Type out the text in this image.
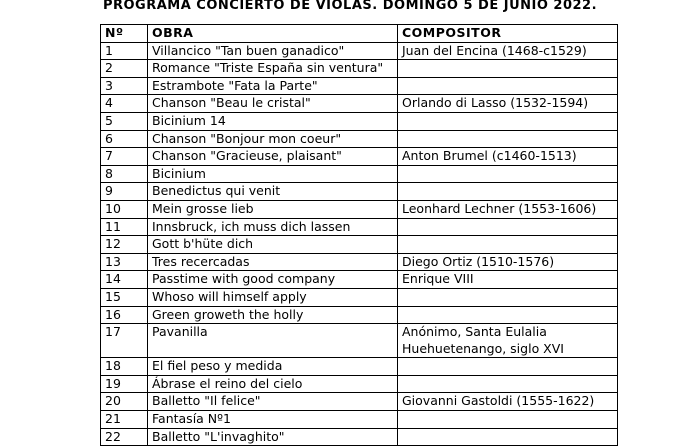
PROGRAMA CONCIERTO DE VIOLAS. DOMINGO 5 DE JUNIO 2022.
Nº	OBRA	COMPOSITOR
1	Villancico "Tan buen ganadico"	Juan del Encina (1468-c1529)
2	Romance "Triste España sin ventura"	
3	Estrambote "Fata la Parte"	
4	Chanson "Beau le cristal"	Orlando di Lasso (1532-1594)
5	Bicinium 14	
6	Chanson "Bonjour mon coeur"	
7	Chanson "Gracieuse, plaisant"	Anton Brumel (c1460-1513)
8	Bicinium	
9	Benedictus qui venit	
10	Mein grosse lieb	Leonhard Lechner (1553-1606)
11	Innsbruck, ich muss dich lassen	
12	Gott b'hüte dich	
13	Tres recercadas	Diego Ortiz (1510-1576)
14	Passtime with good company	Enrique VIII
15	Whoso will himself apply	
16	Green groweth the holly	
17	Pavanilla	Anónimo, Santa Eulalia Huehuetenango, siglo XVI
18	El fiel peso y medida	
19	Ábrase el reino del cielo	
20	Balletto "Il felice"	Giovanni Gastoldi (1555-1622)
21	Fantasía Nº1	
22	Balletto "L'invaghito"	
